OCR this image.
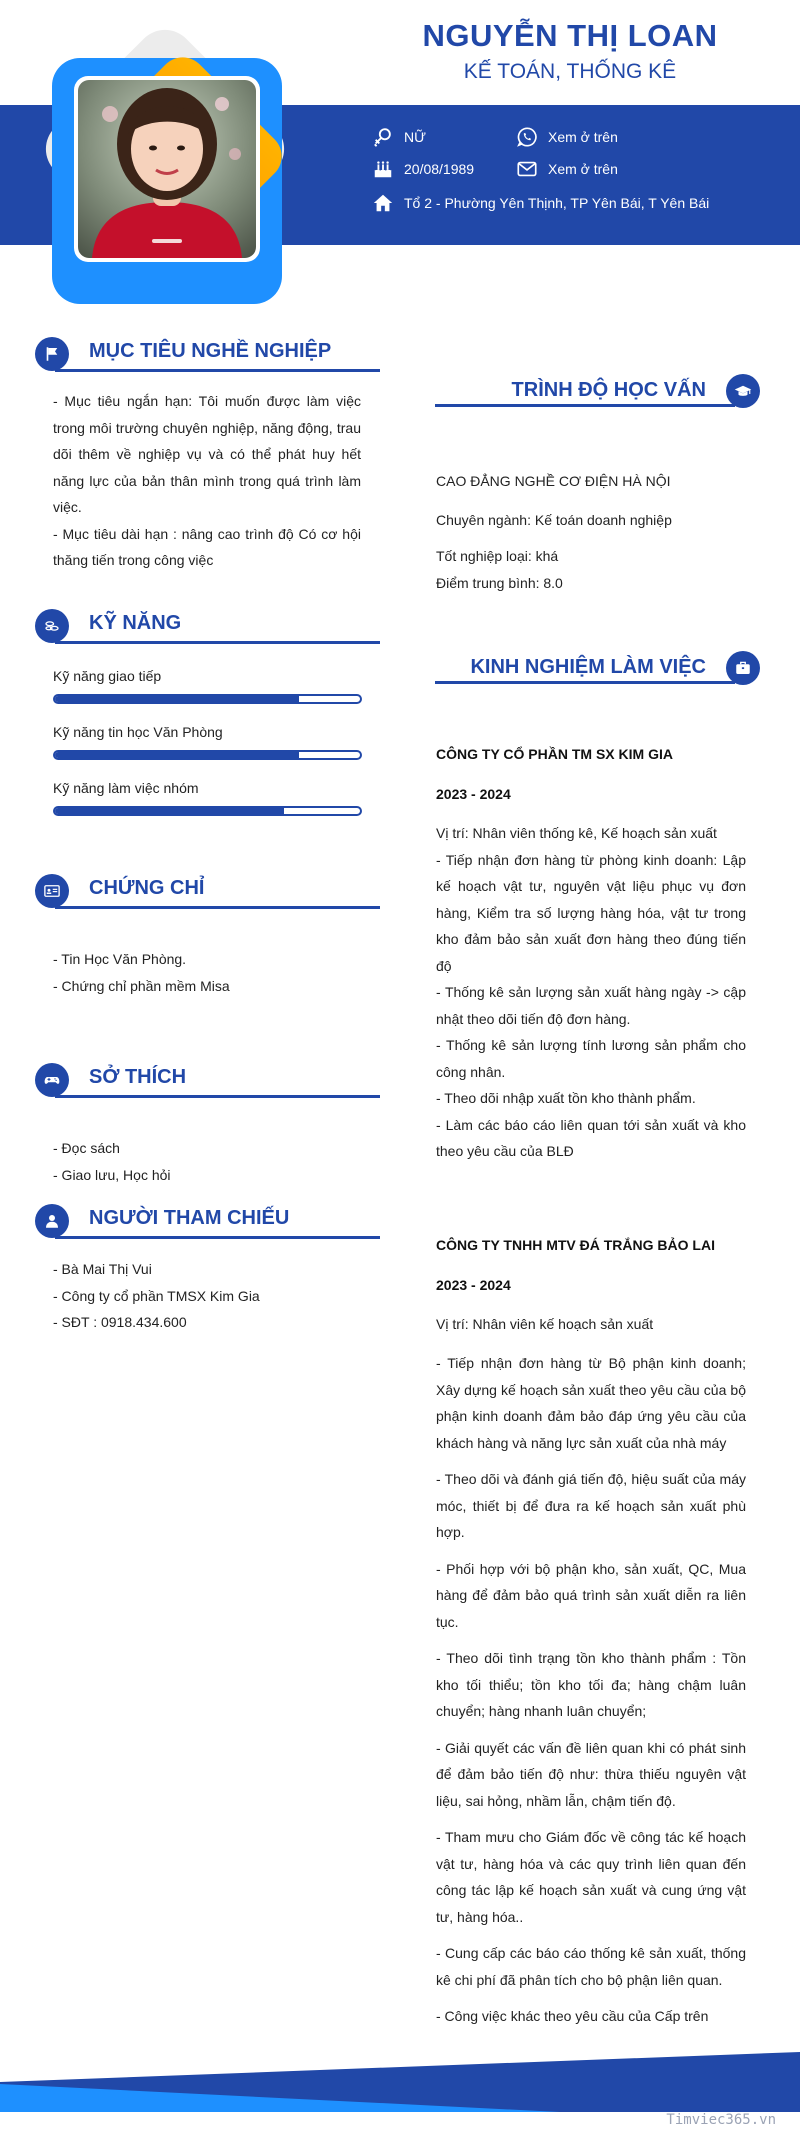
NGUYỄN THỊ LOAN
KẾ TOÁN, THỐNG KÊ
NỮ
20/08/1989
Tổ 2 - Phường Yên Thịnh, TP Yên Bái, T Yên Bái
Xem ở trên
Xem ở trên
MỤC TIÊU NGHỀ NGHIỆP
- Mục tiêu ngắn hạn: Tôi muốn được làm việc trong môi trường chuyên nghiệp, năng động, trau dõi thêm về nghiệp vụ và có thể phát huy hết năng lực của bản thân mình trong quá trình làm việc.
- Mục tiêu dài hạn : nâng cao trình độ Có cơ hội thăng tiến trong công việc
KỸ NĂNG
Kỹ năng giao tiếp
Kỹ năng tin học Văn Phòng
Kỹ năng làm việc nhóm
CHỨNG CHỈ
- Tin Học Văn Phòng.
- Chứng chỉ phần mềm Misa
SỞ THÍCH
- Đọc sách
- Giao lưu, Học hỏi
NGƯỜI THAM CHIẾU
- Bà Mai Thị Vui
- Công ty cổ phần TMSX Kim Gia
- SĐT : 0918.434.600
TRÌNH ĐỘ HỌC VẤN
CAO ĐẲNG NGHỀ CƠ ĐIỆN HÀ NỘI
Chuyên ngành: Kế toán doanh nghiệp
Tốt nghiệp loại: khá
Điểm trung bình: 8.0
KINH NGHIỆM LÀM VIỆC
CÔNG TY CỔ PHẦN TM SX KIM GIA
2023 - 2024
Vị trí: Nhân viên thống kê, Kế hoạch sản xuất
- Tiếp nhận đơn hàng từ phòng kinh doanh: Lập kế hoạch vật tư, nguyên vật liệu phục vụ đơn hàng, Kiểm tra số lượng hàng hóa, vật tư trong kho đảm bảo sản xuất đơn hàng theo đúng tiến độ
- Thống kê sản lượng sản xuất hàng ngày -> cập nhật theo dõi tiến độ đơn hàng.
- Thống kê sản lượng tính lương sản phẩm cho công nhân.
- Theo dõi nhập xuất tồn kho thành phẩm.
- Làm các báo cáo liên quan tới sản xuất và kho theo yêu cầu của BLĐ
CÔNG TY TNHH MTV ĐÁ TRẮNG BẢO LAI
2023 - 2024
Vị trí: Nhân viên kế hoạch sản xuất

- Tiếp nhận đơn hàng từ Bộ phận kinh doanh; Xây dựng kế hoạch sản xuất theo yêu cầu của bộ phận kinh doanh đảm bảo đáp ứng yêu cầu của khách hàng và năng lực sản xuất của nhà máy

- Theo dõi và đánh giá tiến độ, hiệu suất của máy móc, thiết bị để đưa ra kế hoạch sản xuất phù hợp.

- Phối hợp với bộ phận kho, sản xuất, QC, Mua hàng để đảm bảo quá trình sản xuất diễn ra liên tục.

- Theo dõi tình trạng tồn kho thành phẩm : Tồn kho tối thiểu; tồn kho tối đa; hàng chậm luân chuyển; hàng nhanh luân chuyển;

- Giải quyết các vấn đề liên quan khi có phát sinh để đảm bảo tiến độ như: thừa thiếu nguyên vật liệu, sai hỏng, nhầm lẫn, chậm tiến độ.

- Tham mưu cho Giám đốc về công tác kế hoạch vật tư, hàng hóa và các quy trình liên quan đến công tác lập kế hoạch sản xuất và cung ứng vật tư, hàng hóa..

- Cung cấp các báo cáo thống kê sản xuất, thống kê chi phí đã phân tích cho bộ phận liên quan.

- Công việc khác theo yêu cầu của Cấp trên

Timviec365.vn
